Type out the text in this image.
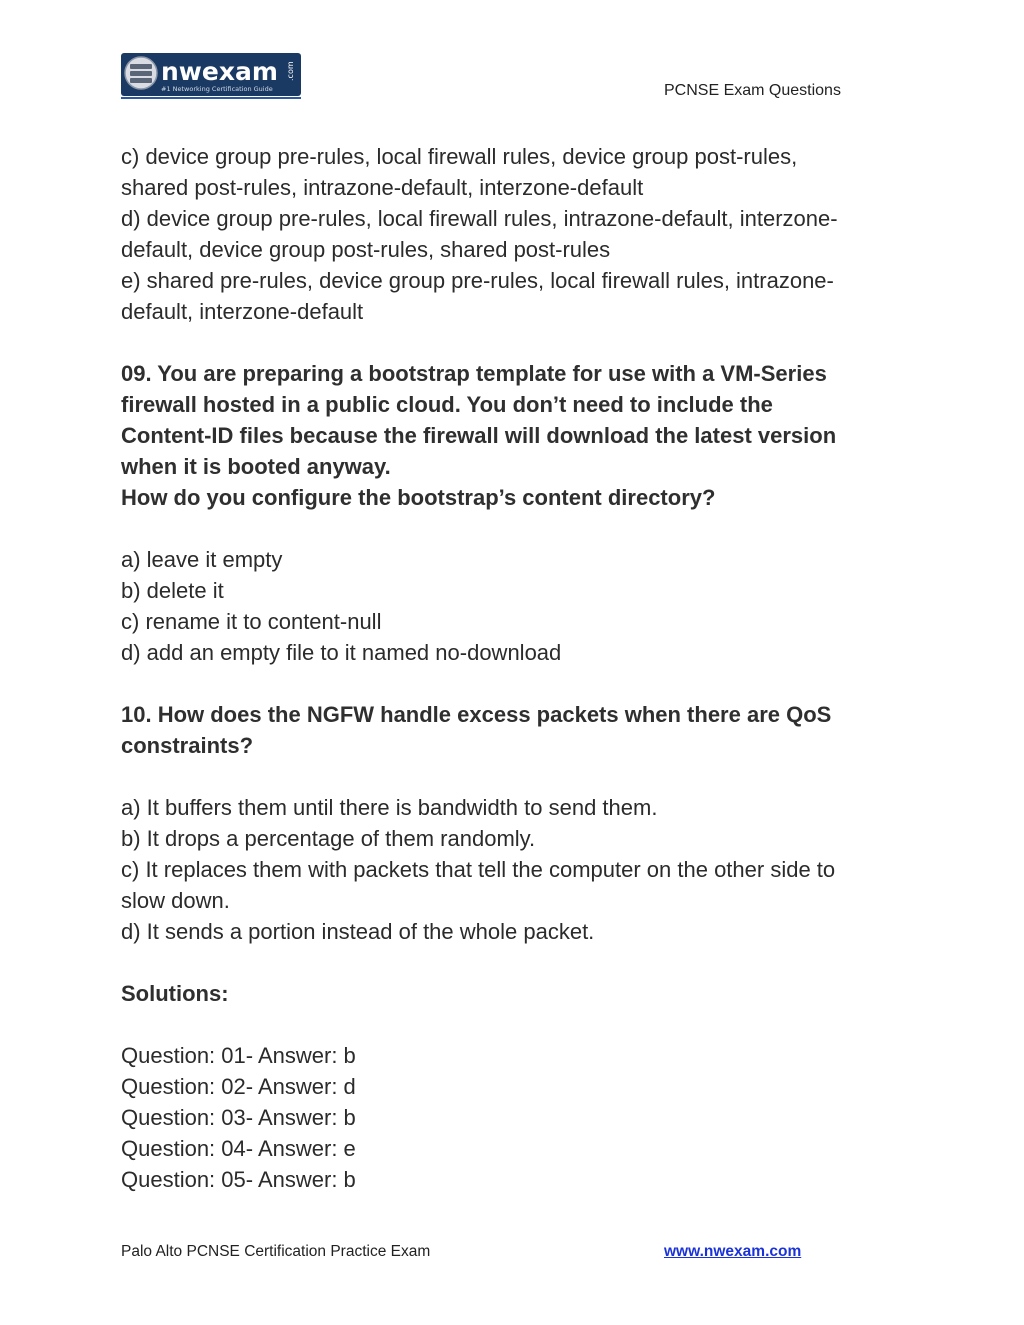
nwexam .com
#1 Networking Certification Guide	PCNSE Exam Questions

c) device group pre-rules, local firewall rules, device group post-rules,

shared post-rules, intrazone-default, interzone-default

d) device group pre-rules, local firewall rules, intrazone-default, interzone-

default, device group post-rules, shared post-rules

e) shared pre-rules, device group pre-rules, local firewall rules, intrazone-

default, interzone-default

09. You are preparing a bootstrap template for use with a VM-Series

firewall hosted in a public cloud. You don’t need to include the

Content-ID files because the firewall will download the latest version

when it is booted anyway.

How do you configure the bootstrap’s content directory?

a) leave it empty

b) delete it

c) rename it to content-null

d) add an empty file to it named no-download

10. How does the NGFW handle excess packets when there are QoS

constraints?

a) It buffers them until there is bandwidth to send them.

b) It drops a percentage of them randomly.

c) It replaces them with packets that tell the computer on the other side to

slow down.

d) It sends a portion instead of the whole packet.

Solutions:

Question: 01- Answer: b

Question: 02- Answer: d

Question: 03- Answer: b

Question: 04- Answer: e

Question: 05- Answer: b

Palo Alto PCNSE Certification Practice Exam	www.nwexam.com
